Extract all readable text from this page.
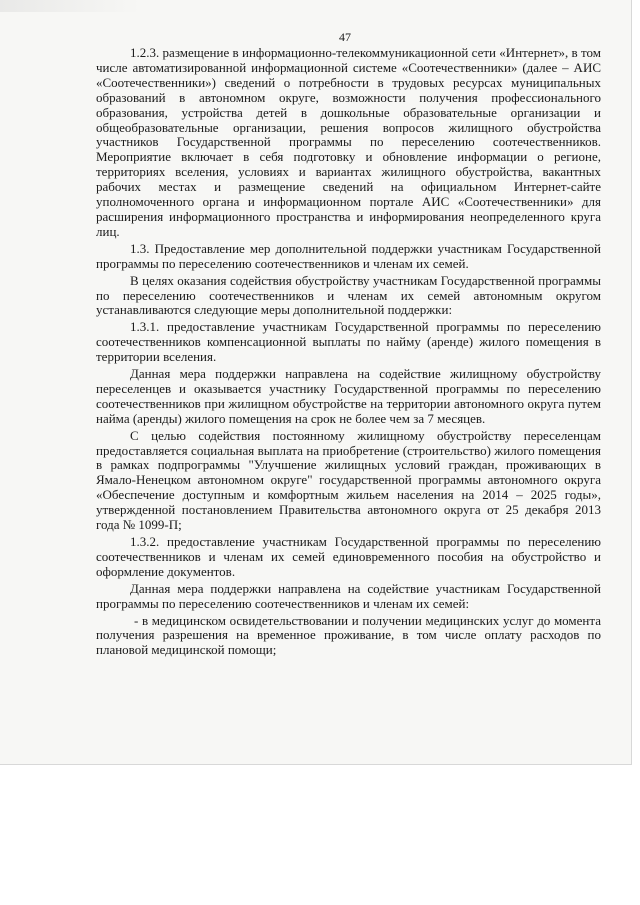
47

1.2.3. размещение в информационно-телекоммуникационной сети «Интернет», в том числе автоматизированной информационной системе «Соотечественники» (далее – АИС «Соотечественники») сведений о потребности в трудовых ресурсах муниципальных образований в автономном округе, возможности получения профессионального образования, устройства детей в дошкольные образовательные организации и общеобразовательные организации, решения вопросов жилищного обустройства участников Государственной программы по переселению соотечественников. Мероприятие включает в себя подготовку и обновление информации о регионе, территориях вселения, условиях и вариантах жилищного обустройства, вакантных рабочих местах и размещение сведений на официальном Интернет-сайте уполномоченного органа и информационном портале АИС «Соотечественники» для расширения информационного пространства и информирования неопределенного круга лиц.

1.3. Предоставление мер дополнительной поддержки участникам Государственной программы по переселению соотечественников и членам их семей.

В целях оказания содействия обустройству участникам Государственной программы по переселению соотечественников и членам их семей автономным округом устанавливаются следующие меры дополнительной поддержки:

1.3.1. предоставление участникам Государственной программы по переселению соотечественников компенсационной выплаты по найму (аренде) жилого помещения в территории вселения.

Данная мера поддержки направлена на содействие жилищному обустройству переселенцев и оказывается участнику Государственной программы по переселению соотечественников при жилищном обустройстве на территории автономного округа путем найма (аренды) жилого помещения на срок не более чем за 7 месяцев.

С целью содействия постоянному жилищному обустройству переселенцам предоставляется социальная выплата на приобретение (строительство) жилого помещения в рамках подпрограммы "Улучшение жилищных условий граждан, проживающих в Ямало-Ненецком автономном округе" государственной программы автономного округа «Обеспечение доступным и комфортным жильем населения на 2014 – 2025 годы», утвержденной постановлением Правительства автономного округа от 25 декабря 2013 года № 1099-П;

1.3.2. предоставление участникам Государственной программы по переселению соотечественников и членам их семей единовременного пособия на обустройство и оформление документов.

Данная мера поддержки направлена на содействие участникам Государственной программы по переселению соотечественников и членам их семей:

- в медицинском освидетельствовании и получении медицинских услуг до момента получения разрешения на временное проживание, в том числе оплату расходов по плановой медицинской помощи;
